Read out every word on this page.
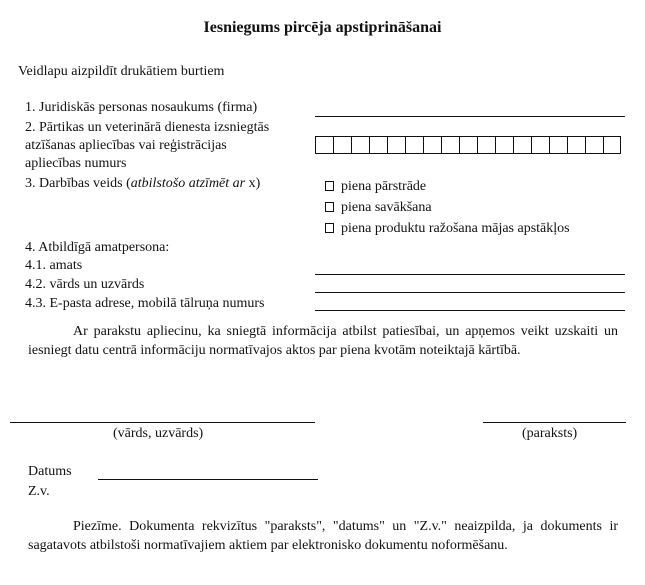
Iesniegums pircēja apstiprināšanai
Veidlapu aizpildīt drukātiem burtiem
1. Juridiskās personas nosaukums (firma)
2. Pārtikas un veterinārā dienesta izsniegtās
atzīšanas apliecības vai reģistrācijas
apliecības numurs
3. Darbības veids (atbilstošo atzīmēt ar x)	piena pārstrāde
piena savākšana
piena produktu ražošana mājas apstākļos
4. Atbildīgā amatpersona:
4.1. amats
4.2. vārds un uzvārds
4.3. E-pasta adrese, mobilā tālruņa numurs
Ar parakstu apliecinu, ka sniegtā informācija atbilst patiesībai, un apņemos veikt uzskaiti un iesniegt datu centrā informāciju normatīvajos aktos par piena kvotām noteiktajā kārtībā.
(vārds, uzvārds)	(paraksts)
Datums
Z.v.
Piezīme. Dokumenta rekvizītus "paraksts", "datums" un "Z.v." neaizpilda, ja dokuments ir sagatavots atbilstoši normatīvajiem aktiem par elektronisko dokumentu noformēšanu.
